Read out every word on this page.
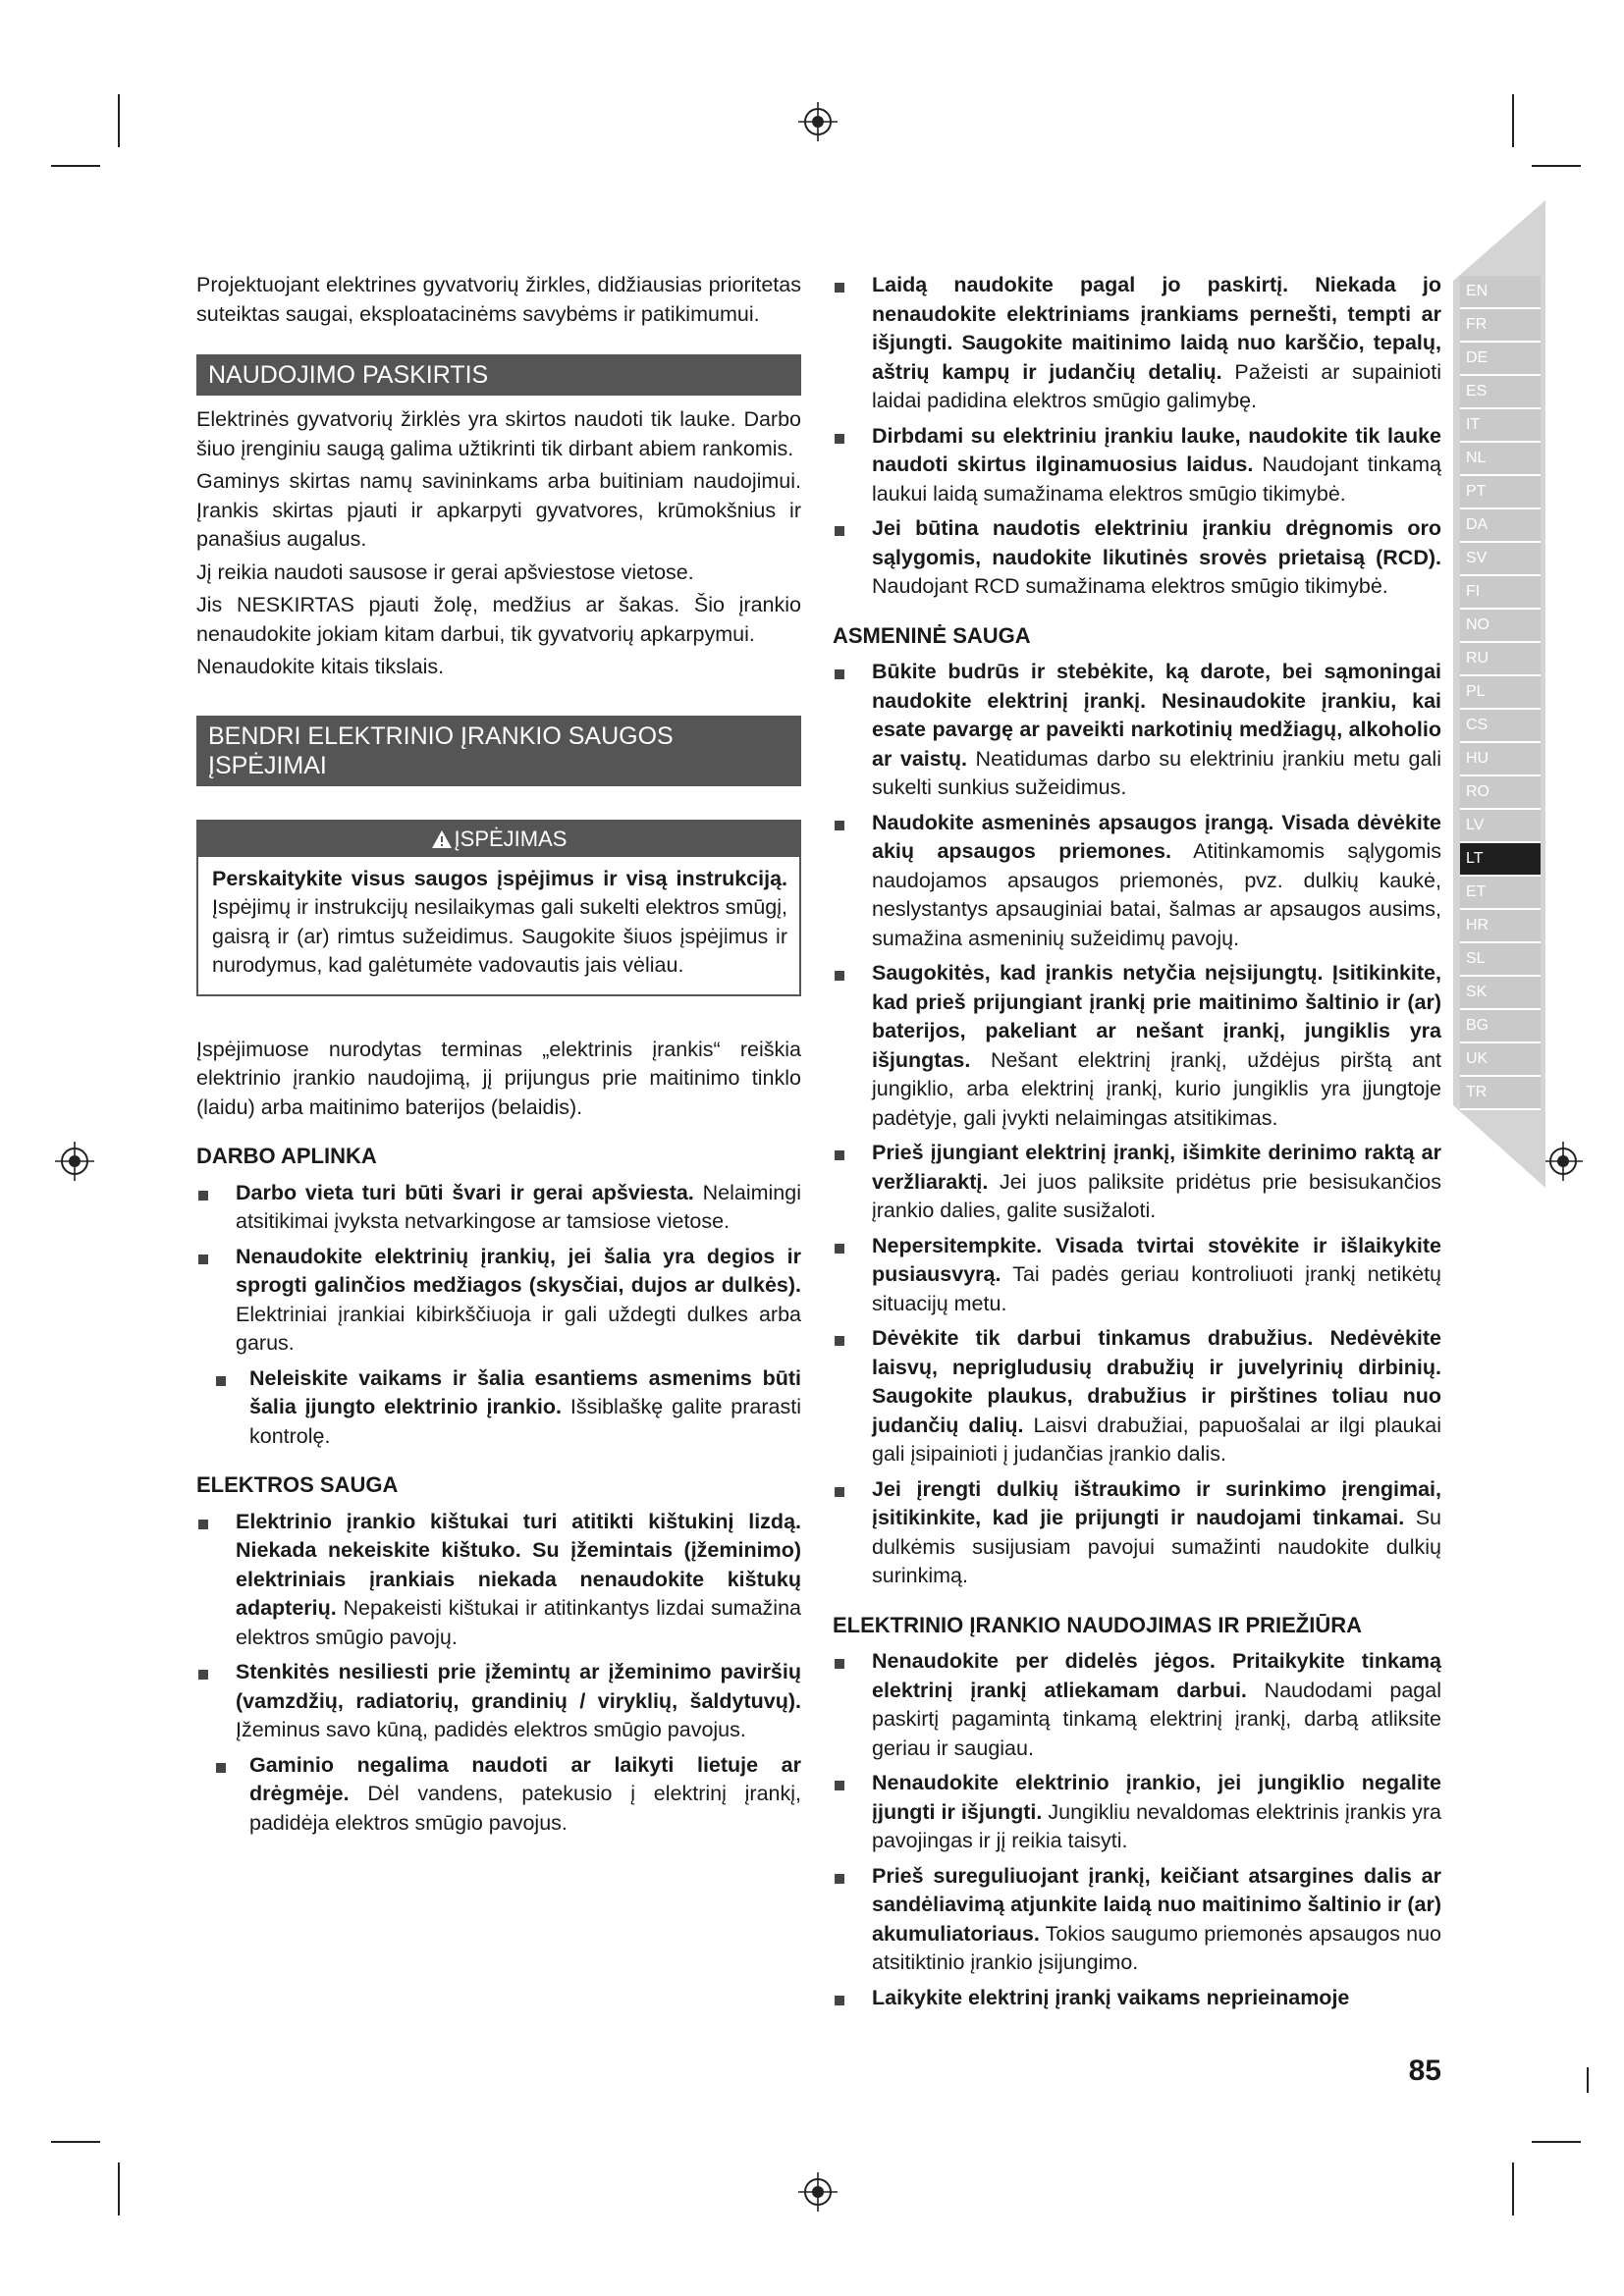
EN
FR
DE
ES
IT
NL
PT
DA
SV
FI
NO
RU
PL
CS
HU
RO
LV
LT
ET
HR
SL
SK
BG
UK
TR

Projektuojant elektrines gyvatvorių žirkles, didžiausias prioritetas suteiktas saugai, eksploatacinėms savybėms ir patikimumui.

NAUDOJIMO PASKIRTIS

Elektrinės gyvatvorių žirklės yra skirtos naudoti tik lauke. Darbo šiuo įrenginiu saugą galima užtikrinti tik dirbant abiem rankomis.

Gaminys skirtas namų savininkams arba buitiniam naudojimui. Įrankis skirtas pjauti ir apkarpyti gyvatvores, krūmokšnius ir panašius augalus.

Jį reikia naudoti sausose ir gerai apšviestose vietose.

Jis NESKIRTAS pjauti žolę, medžius ar šakas. Šio įrankio nenaudokite jokiam kitam darbui, tik gyvatvorių apkarpymui.

Nenaudokite kitais tikslais.

BENDRI ELEKTRINIO ĮRANKIO SAUGOS ĮSPĖJIMAI
ĮSPĖJIMAS

Perskaitykite visus saugos įspėjimus ir visą instrukciją. Įspėjimų ir instrukcijų nesilaikymas gali sukelti elektros smūgį, gaisrą ir (ar) rimtus sužeidimus. Saugokite šiuos įspėjimus ir nurodymus, kad galėtumėte vadovautis jais vėliau.

Įspėjimuose nurodytas terminas „elektrinis įrankis“ reiškia elektrinio įrankio naudojimą, jį prijungus prie maitinimo tinklo (laidu) arba maitinimo baterijos (belaidis).

DARBO APLINKA
Darbo vieta turi būti švari ir gerai apšviesta. Nelaimingi atsitikimai įvyksta netvarkingose ar tamsiose vietose.
Nenaudokite elektrinių įrankių, jei šalia yra degios ir sprogti galinčios medžiagos (skysčiai, dujos ar dulkės). Elektriniai įrankiai kibirkščiuoja ir gali uždegti dulkes arba garus.
Neleiskite vaikams ir šalia esantiems asmenims būti šalia įjungto elektrinio įrankio. Išsiblaškę galite prarasti kontrolę.
ELEKTROS SAUGA
Elektrinio įrankio kištukai turi atitikti kištukinį lizdą. Niekada nekeiskite kištuko. Su įžemintais (įžeminimo) elektriniais įrankiais niekada nenaudokite kištukų adapterių. Nepakeisti kištukai ir atitinkantys lizdai sumažina elektros smūgio pavojų.
Stenkitės nesiliesti prie įžemintų ar įžeminimo paviršių (vamzdžių, radiatorių, grandinių / viryklių, šaldytuvų). Įžeminus savo kūną, padidės elektros smūgio pavojus.
Gaminio negalima naudoti ar laikyti lietuje ar drėgmėje. Dėl vandens, patekusio į elektrinį įrankį, padidėja elektros smūgio pavojus.
Laidą naudokite pagal jo paskirtį. Niekada jo nenaudokite elektriniams įrankiams pernešti, tempti ar išjungti. Saugokite maitinimo laidą nuo karščio, tepalų, aštrių kampų ir judančių detalių. Pažeisti ar supainioti laidai padidina elektros smūgio galimybę.
Dirbdami su elektriniu įrankiu lauke, naudokite tik lauke naudoti skirtus ilginamuosius laidus. Naudojant tinkamą laukui laidą sumažinama elektros smūgio tikimybė.
Jei būtina naudotis elektriniu įrankiu drėgnomis oro sąlygomis, naudokite likutinės srovės prietaisą (RCD). Naudojant RCD sumažinama elektros smūgio tikimybė.
ASMENINĖ SAUGA
Būkite budrūs ir stebėkite, ką darote, bei sąmoningai naudokite elektrinį įrankį. Nesinaudokite įrankiu, kai esate pavargę ar paveikti narkotinių medžiagų, alkoholio ar vaistų. Neatidumas darbo su elektriniu įrankiu metu gali sukelti sunkius sužeidimus.
Naudokite asmeninės apsaugos įrangą. Visada dėvėkite akių apsaugos priemones. Atitinkamomis sąlygomis naudojamos apsaugos priemonės, pvz. dulkių kaukė, neslystantys apsauginiai batai, šalmas ar apsaugos ausims, sumažina asmeninių sužeidimų pavojų.
Saugokitės, kad įrankis netyčia neįsijungtų. Įsitikinkite, kad prieš prijungiant įrankį prie maitinimo šaltinio ir (ar) baterijos, pakeliant ar nešant įrankį, jungiklis yra išjungtas. Nešant elektrinį įrankį, uždėjus pirštą ant jungiklio, arba elektrinį įrankį, kurio jungiklis yra įjungtoje padėtyje, gali įvykti nelaimingas atsitikimas.
Prieš įjungiant elektrinį įrankį, išimkite derinimo raktą ar veržliaraktį. Jei juos paliksite pridėtus prie besisukančios įrankio dalies, galite susižaloti.
Nepersitempkite. Visada tvirtai stovėkite ir išlaikykite pusiausvyrą. Tai padės geriau kontroliuoti įrankį netikėtų situacijų metu.
Dėvėkite tik darbui tinkamus drabužius. Nedėvėkite laisvų, neprigludusių drabužių ir juvelyrinių dirbinių. Saugokite plaukus, drabužius ir pirštines toliau nuo judančių dalių. Laisvi drabužiai, papuošalai ar ilgi plaukai gali įsipainioti į judančias įrankio dalis.
Jei įrengti dulkių ištraukimo ir surinkimo įrengimai, įsitikinkite, kad jie prijungti ir naudojami tinkamai. Su dulkėmis susijusiam pavojui sumažinti naudokite dulkių surinkimą.
ELEKTRINIO ĮRANKIO NAUDOJIMAS IR PRIEŽIŪRA
Nenaudokite per didelės jėgos. Pritaikykite tinkamą elektrinį įrankį atliekamam darbui. Naudodami pagal paskirtį pagamintą tinkamą elektrinį įrankį, darbą atliksite geriau ir saugiau.
Nenaudokite elektrinio įrankio, jei jungiklio negalite įjungti ir išjungti. Jungikliu nevaldomas elektrinis įrankis yra pavojingas ir jį reikia taisyti.
Prieš sureguliuojant įrankį, keičiant atsargines dalis ar sandėliavimą atjunkite laidą nuo maitinimo šaltinio ir (ar) akumuliatoriaus. Tokios saugumo priemonės apsaugos nuo atsitiktinio įrankio įsijungimo.
Laikykite elektrinį įrankį vaikams neprieinamoje
85
